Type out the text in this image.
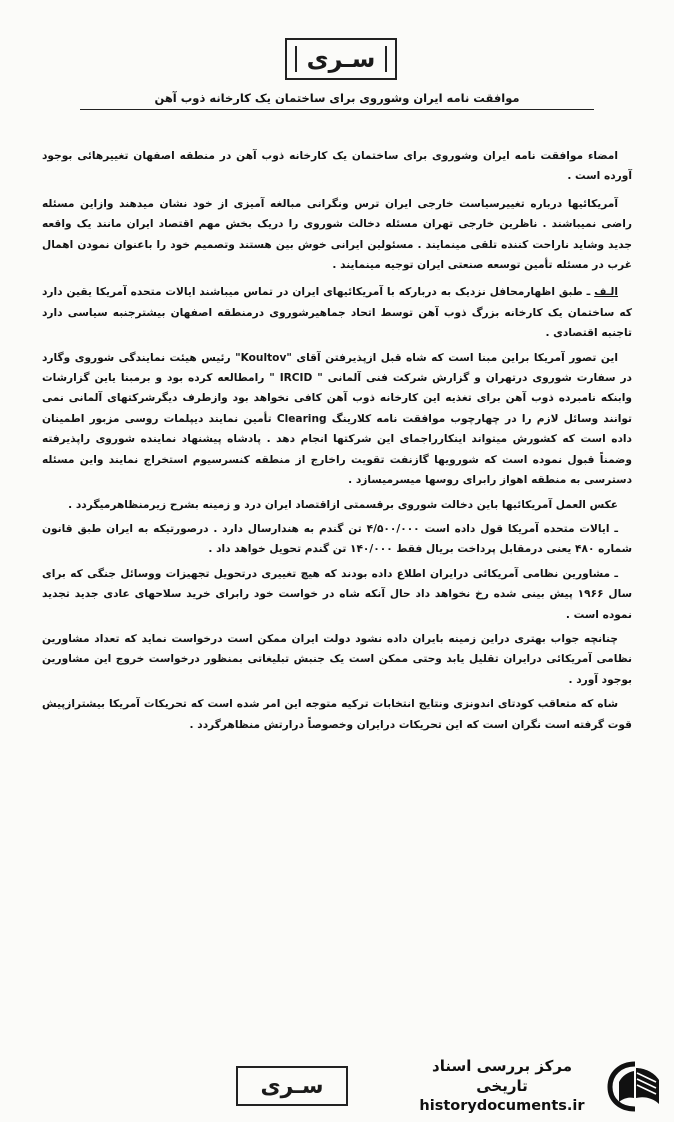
سـری
موافقت نامه ایران وشوروی برای ساختمان یک کارخانه ذوب آهن

امضاء موافقت نامه ایران وشوروی برای ساختمان یک کارخانه ذوب آهن در منطقه اصفهان تغییرهائی بوجود آورده است .

آمریکائیها درباره تغییرسیاست خارجی ایران ترس ونگرانی مبالغه آمیزی از خود نشان میدهند وازاین مسئله راضی نمیباشند . ناظرین خارجی تهران مسئله دخالت شوروی را دریک بخش مهم اقتصاد ایران مانند یک واقعه جدید وشاید ناراحت کننده تلقی مینمایند . مسئولین ایرانی خوش بین هستند وتصمیم خود را باعنوان نمودن اهمال غرب در مسئله تأمین توسعه صنعتی ایران توجیه مینمایند .

الـف ـ طبق اظهارمحافل نزدیک به دربارکه با آمریکائیهای ایران در تماس میباشند ایالات متحده آمریکا یقین دارد که ساختمان یک کارخانه بزرگ ذوب آهن توسط اتحاد جماهیرشوروی درمنطقه اصفهان بیشترجنبه سیاسی دارد تاجنبه اقتصادی .

این تصور آمریکا براین مبنا است که شاه قبل ازپذیرفتن آقای "Koultov" رئیس هیئت نمایندگی شوروی وگارد در سفارت شوروی درتهران و گزارش شرکت فنی آلمانی " IRCID " رامطالعه کرده بود و برمبنا یاین گزارشات وابنکه نامبرده ذوب آهن برای تغذیه این کارخانه ذوب آهن کافی نخواهد بود وازطرف دیگرشرکتهای آلمانی نمی توانند وسائل لازم را در چهارچوب موافقت نامه کلارینگ Clearing تأمین نمایند دیپلمات روسی مزبور اطمینان داده است که کشورش میتواند اینکارراجمای این شرکتها انجام دهد . پادشاه پیشنهاد نماینده شوروی راپذیرفته وضمناً قبول نموده است که شورویها گازنفت تقویت راخارج از منطقه کنسرسیوم استخراج نمایند واین مسئله دسترسی به منطقه اهواز رابرای روسها میسرمیسازد .

عکس العمل آمریکائیها باین دخالت شوروی برقسمتی ازاقتصاد ایران درد و زمینه بشرح زیرمنظاهرمیگردد .

ـ ایالات متحده آمریکا قول داده است ۴/۵۰۰/۰۰۰ تن گندم به هندارسال دارد . درصورتیکه به ایران طبق قانون شماره ۴۸۰ یعنی درمقابل پرداخت بریال فقط ۱۴۰/۰۰۰ تن گندم تحویل خواهد داد .

ـ مشاورین نظامی آمریکائی درایران اطلاع داده بودند که هیچ تغییری درتحویل تجهیزات ووسائل جنگی که برای سال ۱۹۶۶ پیش بینی شده رخ نخواهد داد حال آنکه شاه در خواست خود رابرای خرید سلاحهای عادی جدید تجدید نموده است .

چنانچه جواب بهتری دراین زمینه بایران داده نشود دولت ایران ممکن است درخواست نماید که تعداد مشاورین نظامی آمریکائی درایران تقلیل یابد وحتی ممکن است یک جنبش تبلیغاتی بمنظور درخواست خروج این مشاورین بوجود آورد .

شاه که متعاقب کودتای اندونزی ونتایج انتخابات ترکیه متوجه این امر شده است که تحریکات آمریکا بیشترازپیش قوت گرفته است نگران است که این تحریکات درایران وخصوصاً درارتش منظاهرگردد .

سـری
مرکز بررسی اسناد تاریخی
historydocuments.ir
